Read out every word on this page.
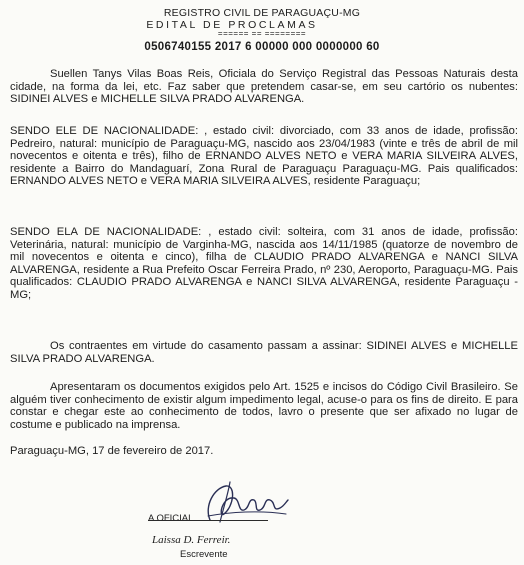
REGISTRO CIVIL DE PARAGUAÇU-MG
EDITAL DE PROCLAMAS
====== == ========
0506740155 2017 6 00000 000 0000000 60
Suellen Tanys Vilas Boas Reis, Oficiala do Serviço Registral das Pessoas Naturais desta cidade, na forma da lei, etc. Faz saber que pretendem casar-se, em seu cartório os nubentes: SIDINEI ALVES e MICHELLE SILVA PRADO ALVARENGA.
SENDO ELE DE NACIONALIDADE: , estado civil: divorciado, com 33 anos de idade, profissão: Pedreiro, natural: município de Paraguaçu-MG, nascido aos 23/04/1983 (vinte e três de abril de mil novecentos e oitenta e três), filho de ERNANDO ALVES NETO e VERA MARIA SILVEIRA ALVES, residente a Bairro do Mandaguarí, Zona Rural de Paraguaçu Paraguaçu-MG. Pais qualificados: ERNANDO ALVES NETO e VERA MARIA SILVEIRA ALVES, residente Paraguaçu;
SENDO ELA DE NACIONALIDADE: , estado civil: solteira, com 31 anos de idade, profissão: Veterinária, natural: município de Varginha-MG, nascida aos 14/11/1985 (quatorze de novembro de mil novecentos e oitenta e cinco), filha de CLAUDIO PRADO ALVARENGA e NANCI SILVA ALVARENGA, residente a Rua Prefeito Oscar Ferreira Prado, nº 230, Aeroporto, Paraguaçu-MG. Pais qualificados: CLAUDIO PRADO ALVARENGA e NANCI SILVA ALVARENGA, residente Paraguaçu - MG;
Os contraentes em virtude do casamento passam a assinar: SIDINEI ALVES e MICHELLE SILVA PRADO ALVARENGA.
Apresentaram os documentos exigidos pelo Art. 1525 e incisos do Código Civil Brasileiro. Se alguém tiver conhecimento de existir algum impedimento legal, acuse-o para os fins de direito. E para constar e chegar este ao conhecimento de todos, lavro o presente que ser afixado no lugar de costume e publicado na imprensa.
Paraguaçu-MG, 17 de fevereiro de 2017.
A OFICIAL
Laissa D. Ferreir.
Escrevente
